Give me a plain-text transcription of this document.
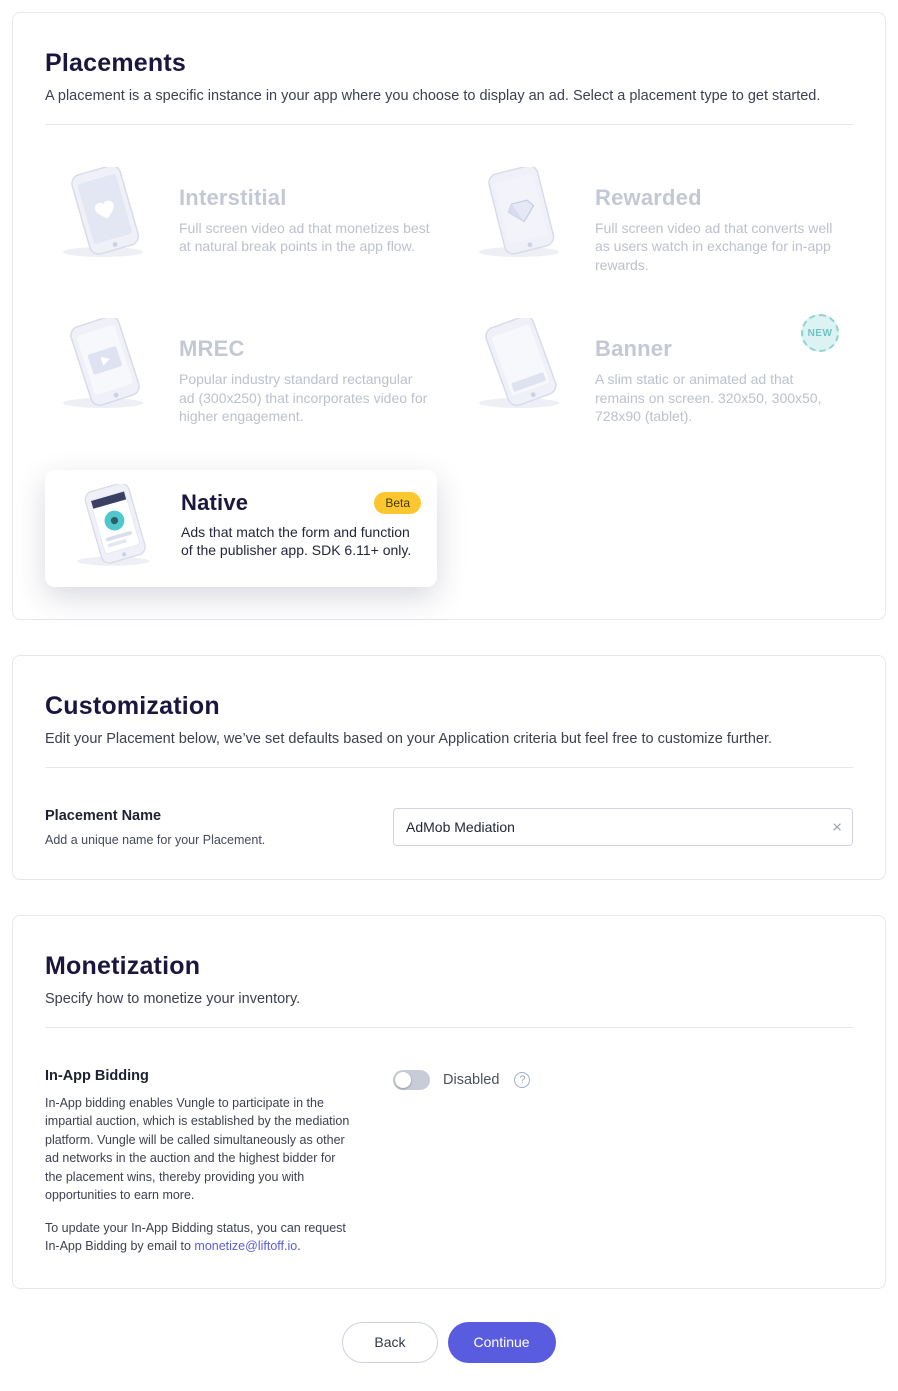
Placements

A placement is a specific instance in your app where you choose to display an ad. Select a placement type to get started.

Interstitial
Full screen video ad that monetizes best at natural break points in the app flow.
Rewarded
Full screen video ad that converts well as users watch in exchange for in-app rewards.
MREC
Popular industry standard rectangular ad (300x250) that incorporates video for higher engagement.
Banner
A slim static or animated ad that remains on screen. 320x50, 300x50, 728x90 (tablet).
NEW
Native	Beta
Ads that match the form and function of the publisher app. SDK 6.11+ only.
Customization

Edit your Placement below, we’ve set defaults based on your Application criteria but feel free to customize further.

Placement Name
Add a unique name for your Placement.
AdMob Mediation
×
Monetization

Specify how to monetize your inventory.

In-App Bidding

In-App bidding enables Vungle to participate in the impartial auction, which is established by the mediation platform. Vungle will be called simultaneously as other ad networks in the auction and the highest bidder for the placement wins, thereby providing you with opportunities to earn more.

To update your In-App Bidding status, you can request In-App Bidding by email to monetize@liftoff.io.

Disabled	?
Back	Continue
